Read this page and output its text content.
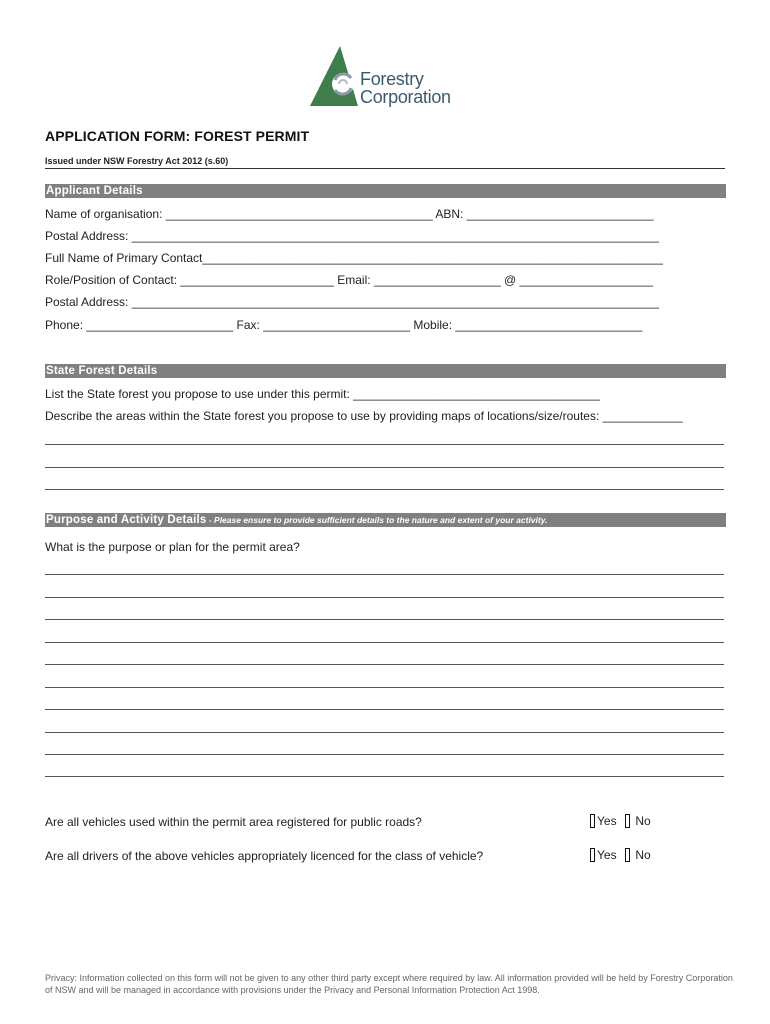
Forestry
Corporation
APPLICATION FORM: FOREST PERMIT
Issued under NSW Forestry Act 2012 (s.60)
Applicant Details
Name of organisation: ________________________________________ ABN: ____________________________
Postal Address: _______________________________________________________________________________
Full Name of Primary Contact_____________________________________________________________________
Role/Position of Contact: _______________________ Email: ___________________ @ ____________________
Postal Address: _______________________________________________________________________________
Phone: ______________________ Fax: ______________________ Mobile: ____________________________
State Forest Details
List the State forest you propose to use under this permit: _____________________________________
Describe the areas within the State forest you propose to use by providing maps of locations/size/routes: ____________
Purpose and Activity Details - Please ensure to provide sufficient details to the nature and extent of your activity.
What is the purpose or plan for the permit area?
Are all vehicles used within the permit area registered for public roads?	Yes	No
Are all drivers of the above vehicles appropriately licenced for the class of vehicle?	Yes	No
Privacy: Information collected on this form will not be given to any other third party except where required by law. All information provided will be held by Forestry Corporation of NSW and will be managed in accordance with provisions under the Privacy and Personal Information Protection Act 1998.
